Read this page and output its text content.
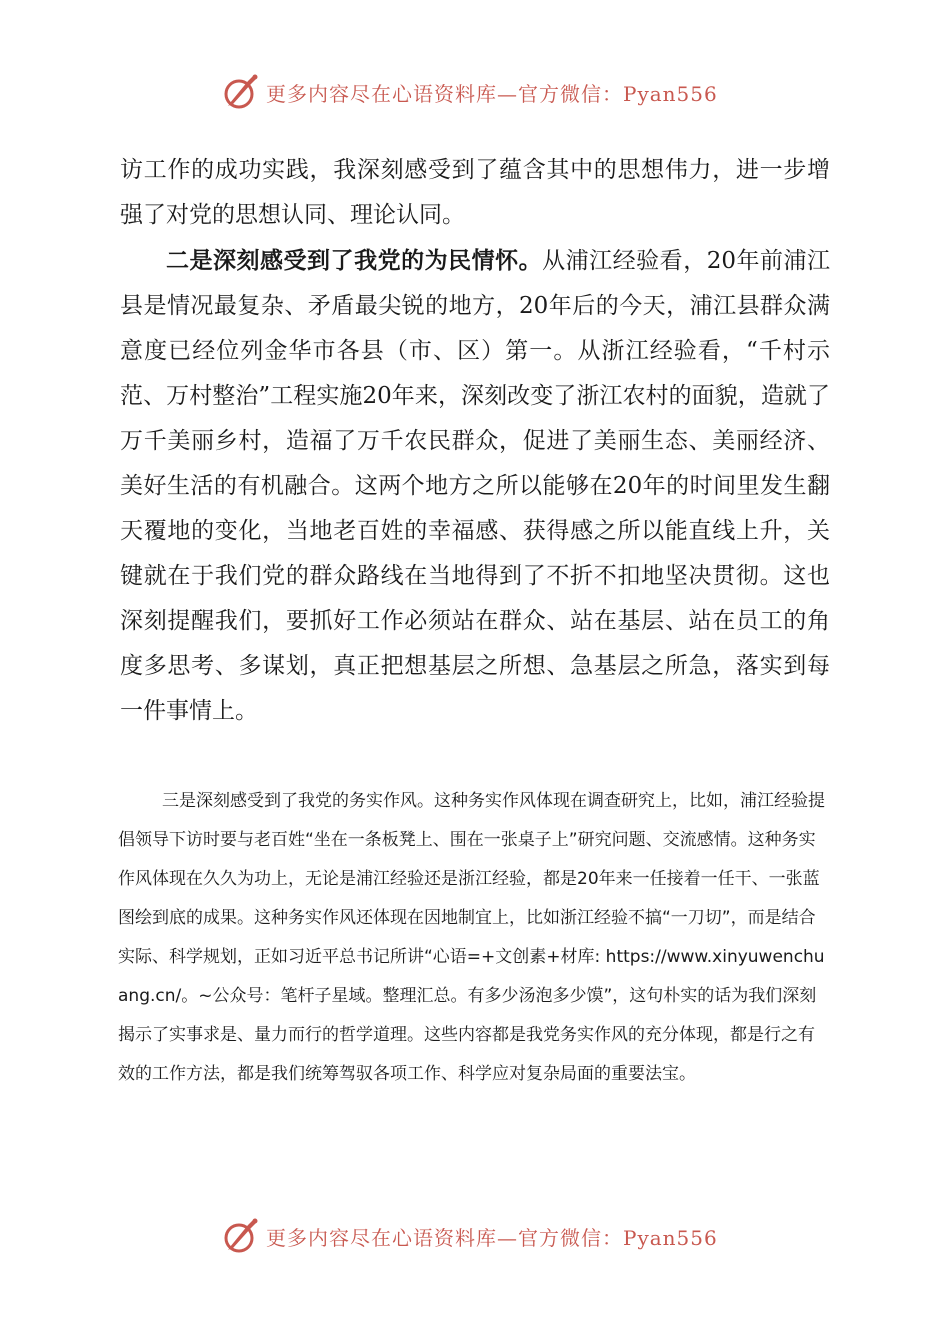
更多内容尽在心语资料库—官方微信：Pyan556

访工作的成功实践，我深刻感受到了蕴含其中的思想伟力，进一步增强了对党的思想认同、理论认同。

二是深刻感受到了我党的为民情怀。从浦江经验看，20年前浦江县是情况最复杂、矛盾最尖锐的地方，20年后的今天，浦江县群众满意度已经位列金华市各县（市、区）第一。从浙江经验看，“千村示范、万村整治”工程实施20年来，深刻改变了浙江农村的面貌，造就了万千美丽乡村，造福了万千农民群众，促进了美丽生态、美丽经济、美好生活的有机融合。这两个地方之所以能够在20年的时间里发生翻天覆地的变化，当地老百姓的幸福感、获得感之所以能直线上升，关键就在于我们党的群众路线在当地得到了不折不扣地坚决贯彻。这也深刻提醒我们，要抓好工作必须站在群众、站在基层、站在员工的角度多思考、多谋划，真正把想基层之所想、急基层之所急，落实到每一件事情上。

三是深刻感受到了我党的务实作风。这种务实作风体现在调查研究上，比如，浦江经验提倡领导下访时要与老百姓“坐在一条板凳上、围在一张桌子上”研究问题、交流感情。这种务实作风体现在久久为功上，无论是浦江经验还是浙江经验，都是20年来一任接着一任干、一张蓝图绘到底的成果。这种务实作风还体现在因地制宜上，比如浙江经验不搞“一刀切”，而是结合实际、科学规划，正如习近平总书记所讲“心语=+文创素+材库: https://www.xinyuwenchuang.cn/。~公众号：笔杆子星域。整理汇总。有多少汤泡多少馍”，这句朴实的话为我们深刻揭示了实事求是、量力而行的哲学道理。这些内容都是我党务实作风的充分体现，都是行之有效的工作方法，都是我们统筹驾驭各项工作、科学应对复杂局面的重要法宝。

更多内容尽在心语资料库—官方微信：Pyan556
